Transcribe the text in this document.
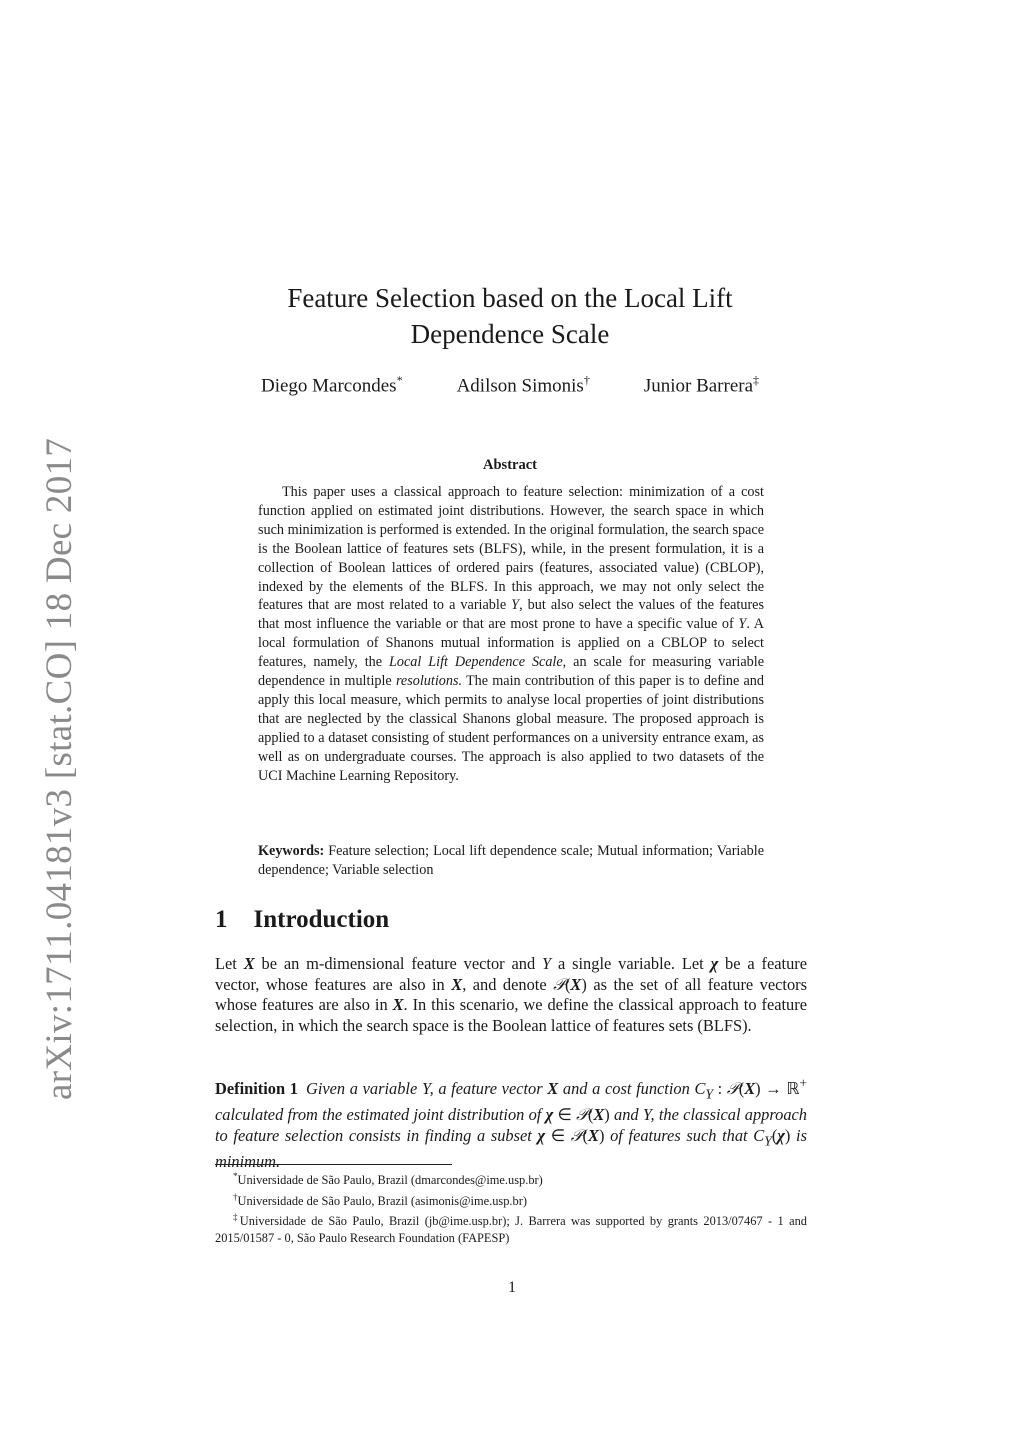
arXiv:1711.04181v3 [stat.CO] 18 Dec 2017
Feature Selection based on the Local Lift
Dependence Scale
Diego Marcondes*	Adilson Simonis†	Junior Barrera‡
Abstract
This paper uses a classical approach to feature selection: minimization of a cost function applied on estimated joint distributions. However, the search space in which such minimization is performed is extended. In the original formulation, the search space is the Boolean lattice of features sets (BLFS), while, in the present formulation, it is a collection of Boolean lattices of ordered pairs (features, associated value) (CBLOP), indexed by the elements of the BLFS. In this approach, we may not only select the features that are most related to a variable Y, but also select the values of the features that most influence the variable or that are most prone to have a specific value of Y. A local formulation of Shanons mutual information is applied on a CBLOP to select features, namely, the Local Lift Dependence Scale, an scale for measuring variable dependence in multiple resolutions. The main contribution of this paper is to define and apply this local measure, which permits to analyse local properties of joint distributions that are neglected by the classical Shanons global measure. The proposed approach is applied to a dataset consisting of student performances on a university entrance exam, as well as on undergraduate courses. The approach is also applied to two datasets of the UCI Machine Learning Repository.
Keywords: Feature selection; Local lift dependence scale; Mutual information; Variable dependence; Variable selection
1 Introduction
Let X be an m-dimensional feature vector and Y a single variable. Let χ be a feature vector, whose features are also in X, and denote 𝒫(X) as the set of all feature vectors whose features are also in X. In this scenario, we define the classical approach to feature selection, in which the search space is the Boolean lattice of features sets (BLFS).
Definition 1 Given a variable Y, a feature vector X and a cost function $C_Y$ : 𝒫(X) → ℝ+ calculated from the estimated joint distribution of χ ∈ 𝒫(X) and Y, the classical approach to feature selection consists in finding a subset χ ∈ 𝒫(X) of features such that $C_Y(\chi)$ is minimum.
*Universidade de São Paulo, Brazil (dmarcondes@ime.usp.br)
†Universidade de São Paulo, Brazil (asimonis@ime.usp.br)
‡Universidade de São Paulo, Brazil (jb@ime.usp.br); J. Barrera was supported by grants 2013/07467 - 1 and 2015/01587 - 0, São Paulo Research Foundation (FAPESP)
1
